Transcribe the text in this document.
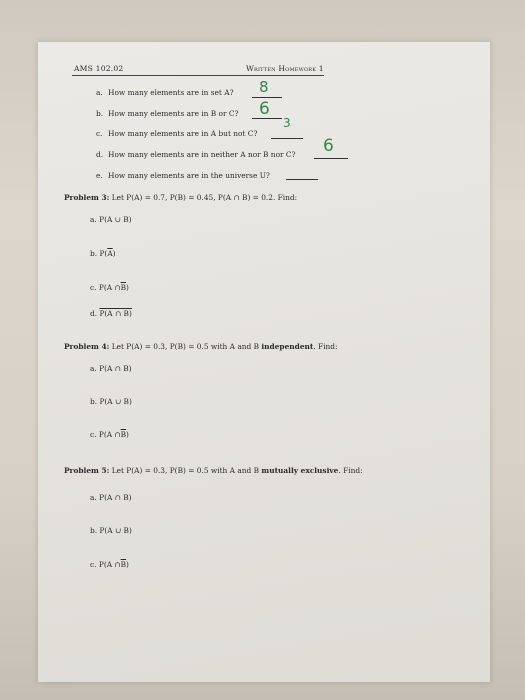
AMS 102.02	Written Homework 1
a. How many elements are in set A? 8
b. How many elements are in B or C? 6
c. How many elements are in A but not C?
3
d. How many elements are in neither A nor B nor C? 6
e. How many elements are in the universe U?
Problem 3: Let P(A) = 0.7, P(B) = 0.45, P(A ∩ B) = 0.2. Find:
a. P(A ∪ B)
b. $P(\overline{A})$
c. P(A $\cap\overline{B}$)
d. P(A ∩ B)
Problem 4: Let P(A) = 0.3, P(B) = 0.5 with A and B independent. Find:
a. P(A ∩ B)
b. P(A ∪ B)
c. P(A $\cap\overline{B}$)
Problem 5: Let P(A) = 0.3, P(B) = 0.5 with A and B mutually exclusive. Find:
a. P(A ∩ B)
b. P(A ∪ B)
c. P(A $\cap\overline{B}$)
